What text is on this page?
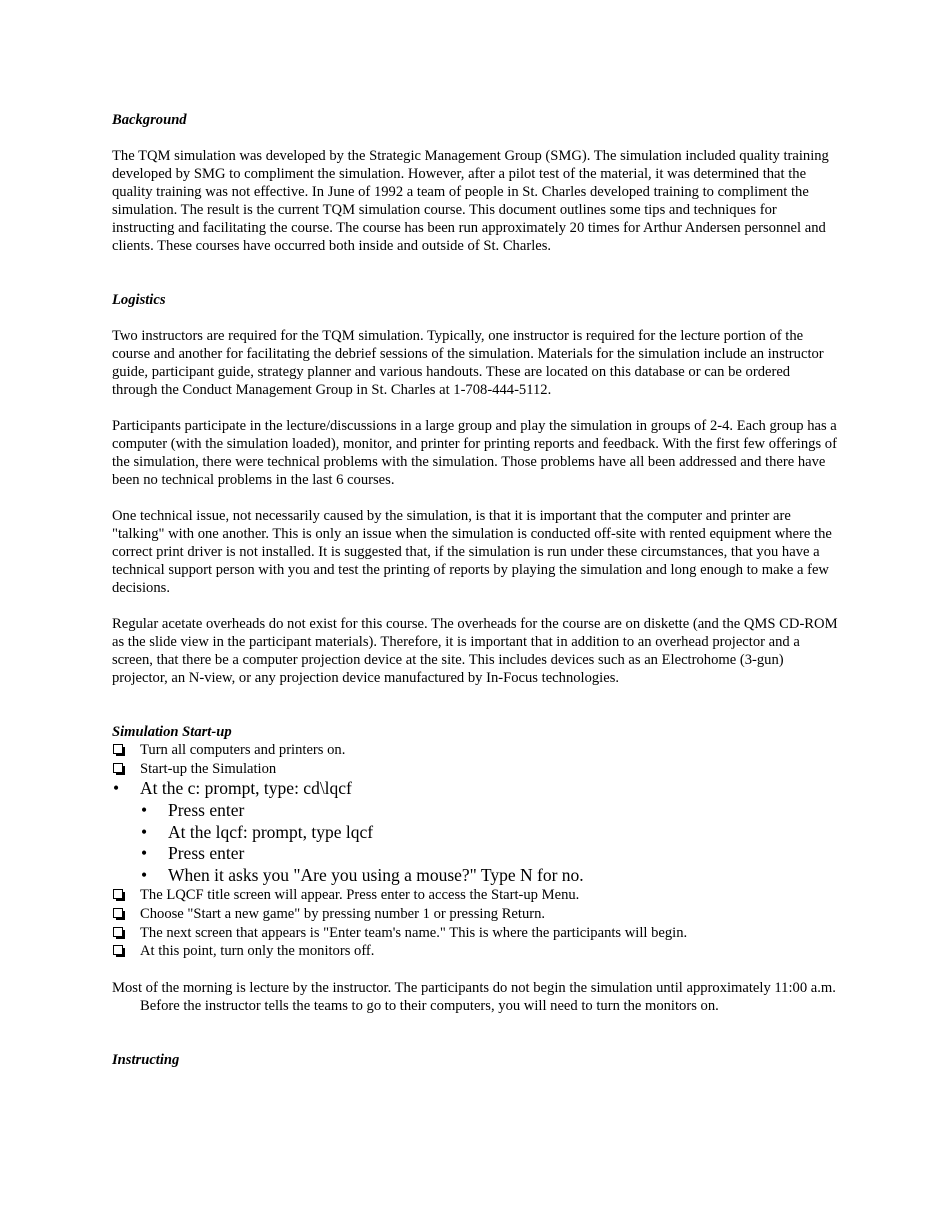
Background

The TQM simulation was developed by the Strategic Management Group (SMG). The simulation included quality training developed by SMG to compliment the simulation. However, after a pilot test of the material, it was determined that the quality training was not effective. In June of 1992 a team of people in St. Charles developed training to compliment the simulation. The result is the current TQM simulation course. This document outlines some tips and techniques for instructing and facilitating the course. The course has been run approximately 20 times for Arthur Andersen personnel and clients. These courses have occurred both inside and outside of St. Charles.

Logistics

Two instructors are required for the TQM simulation. Typically, one instructor is required for the lecture portion of the course and another for facilitating the debrief sessions of the simulation. Materials for the simulation include an instructor guide, participant guide, strategy planner and various handouts. These are located on this database or can be ordered through the Conduct Management Group in St. Charles at 1-708-444-5112.

Participants participate in the lecture/discussions in a large group and play the simulation in groups of 2-4. Each group has a computer (with the simulation loaded), monitor, and printer for printing reports and feedback. With the first few offerings of the simulation, there were technical problems with the simulation. Those problems have all been addressed and there have been no technical problems in the last 6 courses.

One technical issue, not necessarily caused by the simulation, is that it is important that the computer and printer are "talking" with one another. This is only an issue when the simulation is conducted off-site with rented equipment where the correct print driver is not installed. It is suggested that, if the simulation is run under these circumstances, that you have a technical support person with you and test the printing of reports by playing the simulation and long enough to make a few decisions.

Regular acetate overheads do not exist for this course. The overheads for the course are on diskette (and the QMS CD-ROM as the slide view in the participant materials). Therefore, it is important that in addition to an overhead projector and a screen, that there be a computer projection device at the site. This includes devices such as an Electrohome (3-gun) projector, an N-view, or any projection device manufactured by In-Focus technologies.

Simulation Start-up
Turn all computers and printers on.
Start-up the Simulation
• At the c: prompt, type: cd\lqcf
• Press enter
• At the lqcf: prompt, type lqcf
• Press enter
• When it asks you "Are you using a mouse?" Type N for no.
The LQCF title screen will appear. Press enter to access the Start-up Menu.
Choose "Start a new game" by pressing number 1 or pressing Return.
The next screen that appears is "Enter team's name." This is where the participants will begin.
At this point, turn only the monitors off.

Most of the morning is lecture by the instructor. The participants do not begin the simulation until approximately 11:00 a.m. Before the instructor tells the teams to go to their computers, you will need to turn the monitors on.

Instructing
